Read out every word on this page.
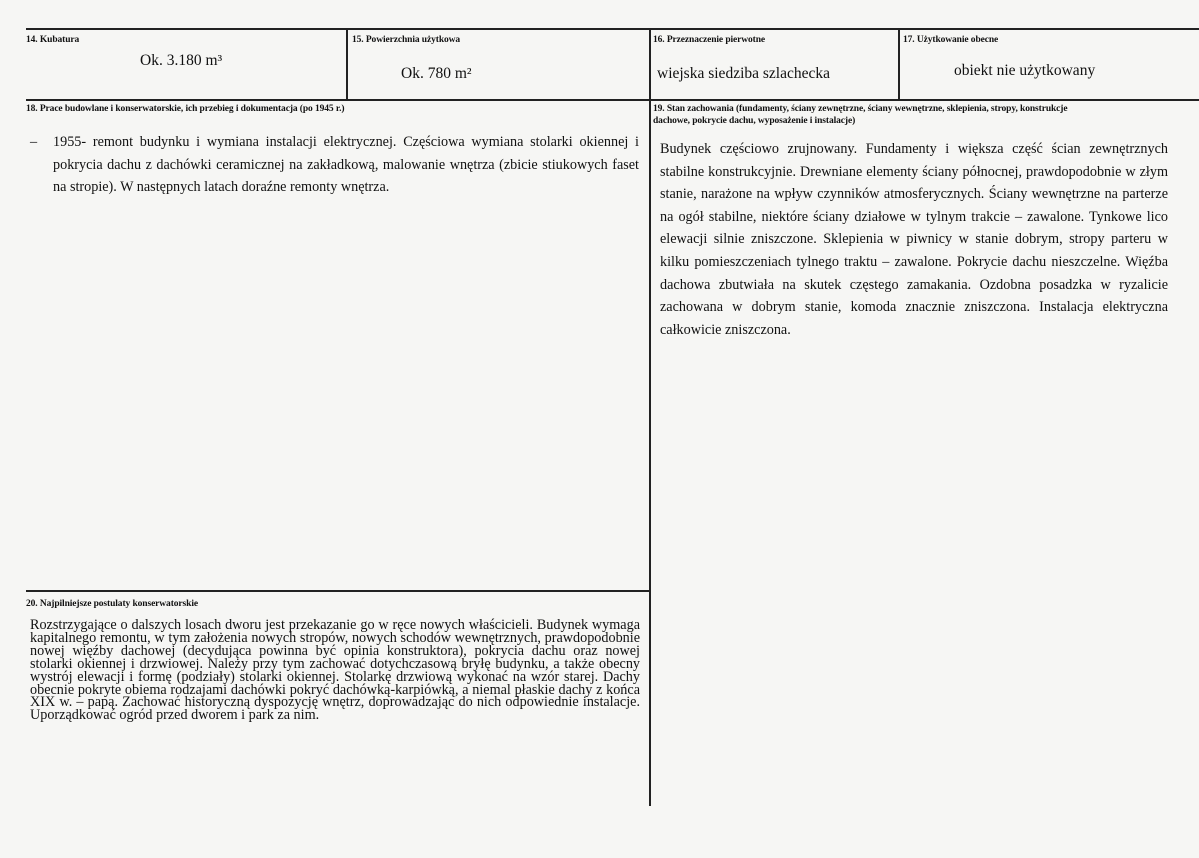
14. Kubatura
Ok. 3.180 m³
15. Powierzchnia użytkowa
Ok. 780 m²
16. Przeznaczenie pierwotne
wiejska siedziba szlachecka
17. Użytkowanie obecne
obiekt nie użytkowany
18. Prace budowlane i konserwatorskie, ich przebieg i dokumentacja (po 1945 r.)
– 1955- remont budynku i wymiana instalacji elektrycznej. Częściowa wymiana stolarki okiennej i pokrycia dachu z dachówki ceramicznej na zakładkową, malowanie wnętrza (zbicie stiukowych faset na stropie). W następnych latach doraźne remonty wnętrza.
19. Stan zachowania (fundamenty, ściany zewnętrzne, ściany wewnętrzne, sklepienia, stropy, konstrukcje
dachowe, pokrycie dachu, wyposażenie i instalacje)
Budynek częściowo zrujnowany. Fundamenty i większa część ścian zewnętrznych stabilne konstrukcyjnie. Drewniane elementy ściany północnej, prawdopodobnie w złym stanie, narażone na wpływ czynników atmosferycznych. Ściany wewnętrzne na parterze na ogół stabilne, niektóre ściany działowe w tylnym trakcie – zawalone. Tynkowe lico elewacji silnie zniszczone. Sklepienia w piwnicy w stanie dobrym, stropy parteru w kilku pomieszczeniach tylnego traktu – zawalone. Pokrycie dachu nieszczelne. Więźba dachowa zbutwiała na skutek częstego zamakania. Ozdobna posadzka w ryzalicie zachowana w dobrym stanie, komoda znacznie zniszczona. Instalacja elektryczna całkowicie zniszczona.
20. Najpilniejsze postulaty konserwatorskie
Rozstrzygające o dalszych losach dworu jest przekazanie go w ręce nowych właścicieli. Budynek wymaga kapitalnego remontu, w tym założenia nowych stropów, nowych schodów wewnętrznych, prawdopodobnie nowej więźby dachowej (decydująca powinna być opinia konstruktora), pokrycia dachu oraz nowej stolarki okiennej i drzwiowej. Należy przy tym zachować dotychczasową bryłę budynku, a także obecny wystrój elewacji i formę (podziały) stolarki okiennej. Stolarkę drzwiową wykonać na wzór starej. Dachy obecnie pokryte obiema rodzajami dachówki pokryć dachówką-karpiówką, a niemal płaskie dachy z końca XIX w. – papą. Zachować historyczną dyspozycję wnętrz, doprowadzając do nich odpowiednie instalacje. Uporządkować ogród przed dworem i park za nim.
